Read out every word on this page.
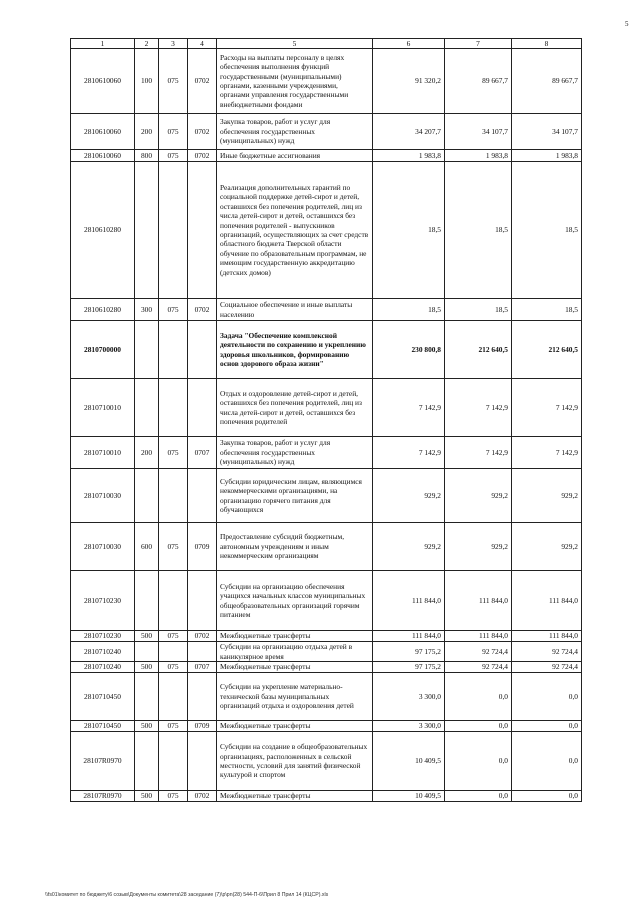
5
1	2	3	4	5	6	7	8
2810610060	100	075	0702	Расходы на выплаты персоналу в целях обеспечения выполнения функций государственными (муниципальными) органами, казенными учреждениями, органами управления государственными внебюджетными фондами	91 320,2	89 667,7	89 667,7
2810610060	200	075	0702	Закупка товаров, работ и услуг для обеспечения государственных (муниципальных) нужд	34 207,7	34 107,7	34 107,7
2810610060	800	075	0702	Иные бюджетные ассигнования	1 983,8	1 983,8	1 983,8
2810610280				Реализация дополнительных гарантий по социальной поддержке детей-сирот и детей, оставшихся без попечения родителей, лиц из числа детей-сирот и детей, оставшихся без попечения родителей - выпускников организаций, осуществляющих за счет средств областного бюджета Тверской области обучение по образовательным программам, не имеющим государственную аккредитацию (детских домов)	18,5	18,5	18,5
2810610280	300	075	0702	Социальное обеспечение и иные выплаты населению	18,5	18,5	18,5
2810700000				Задача "Обеспечение комплексной деятельности по сохранению и укреплению здоровья школьников, формированию основ здорового образа жизни"	230 800,8	212 640,5	212 640,5
2810710010				Отдых и оздоровление детей-сирот и детей, оставшихся без попечения родителей, лиц из числа детей-сирот и детей, оставшихся без попечения родителей	7 142,9	7 142,9	7 142,9
2810710010	200	075	0707	Закупка товаров, работ и услуг для обеспечения государственных (муниципальных) нужд	7 142,9	7 142,9	7 142,9
2810710030				Субсидии юридическим лицам, являющимся некоммерческими организациями, на организацию горячего питания для обучающихся	929,2	929,2	929,2
2810710030	600	075	0709	Предоставление субсидий бюджетным, автономным учреждениям и иным некоммерческим организациям	929,2	929,2	929,2
2810710230				Субсидии на организацию обеспечения учащихся начальных классов муниципальных общеобразовательных организаций горячим питанием	111 844,0	111 844,0	111 844,0
2810710230	500	075	0702	Межбюджетные трансферты	111 844,0	111 844,0	111 844,0
2810710240				Субсидии на организацию отдыха детей в каникулярное время	97 175,2	92 724,4	92 724,4
2810710240	500	075	0707	Межбюджетные трансферты	97 175,2	92 724,4	92 724,4
2810710450				Субсидии на укрепление материально-технической базы муниципальных организаций отдыха и оздоровления детей	3 300,0	0,0	0,0
2810710450	500	075	0709	Межбюджетные трансферты	3 300,0	0,0	0,0
28107R0970				Субсидии на создание в общеобразовательных организациях, расположенных в сельской местности, условий для занятий физической культурой и спортом	10 409,5	0,0	0,0
28107R0970	500	075	0702	Межбюджетные трансферты	10 409,5	0,0	0,0
\\fs01\комитет по бюджету\6 созыв\Документы комитета\28 заседание (7)\p\pn(28) 544-П-6\Прил 8 Прил 14 (КЦСР).xls
